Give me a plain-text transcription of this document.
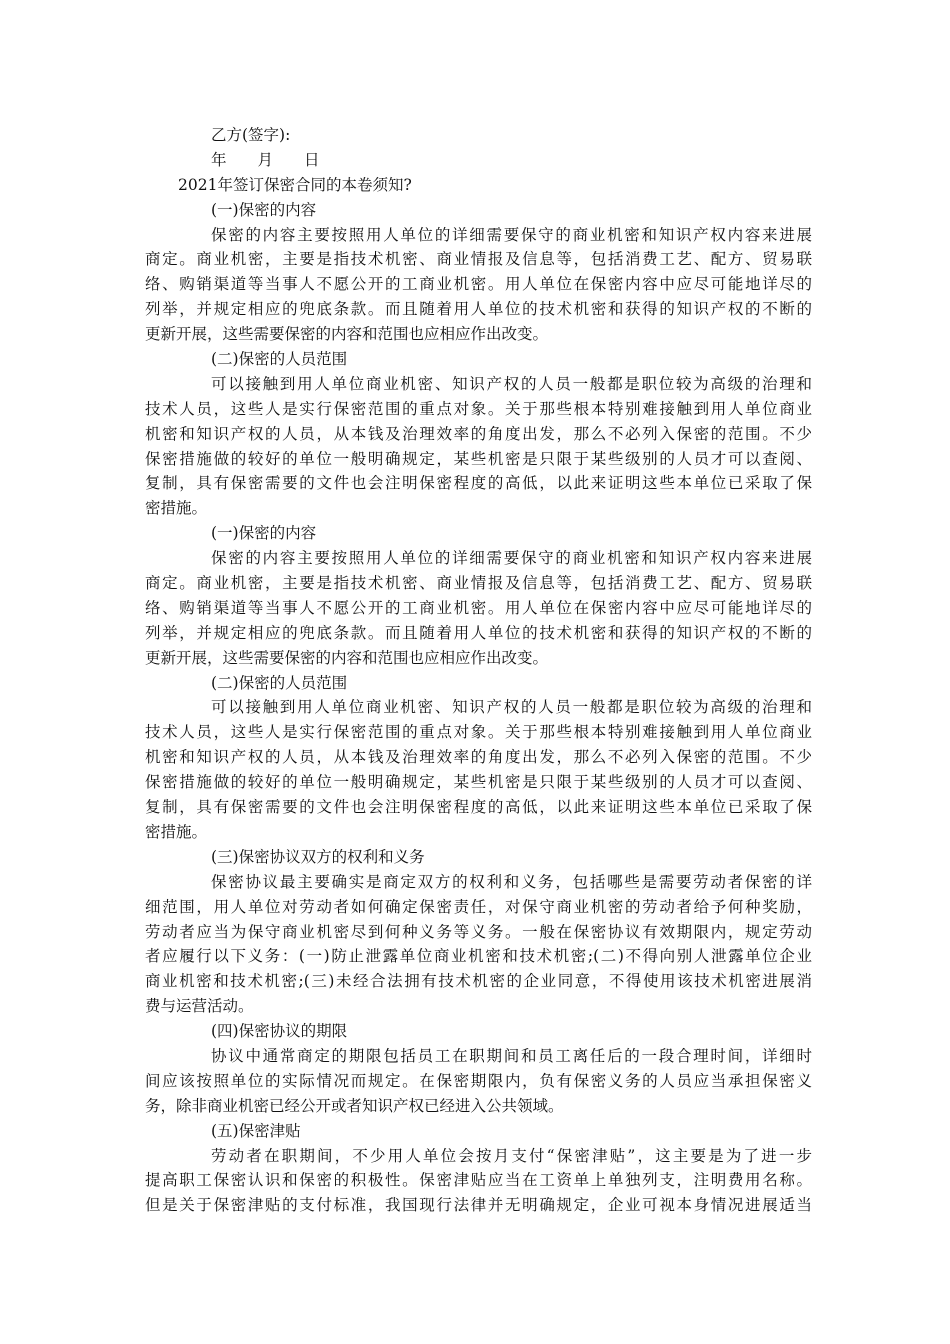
乙方(签字):
年　　月　　日
2021年签订保密合同的本卷须知?
(一)保密的内容
保密的内容主要按照用人单位的详细需要保守的商业机密和知识产权内容来进展
商定。商业机密，主要是指技术机密、商业情报及信息等，包括消费工艺、配方、贸易联
络、购销渠道等当事人不愿公开的工商业机密。用人单位在保密内容中应尽可能地详尽的
列举，并规定相应的兜底条款。而且随着用人单位的技术机密和获得的知识产权的不断的
更新开展，这些需要保密的内容和范围也应相应作出改变。
(二)保密的人员范围
可以接触到用人单位商业机密、知识产权的人员一般都是职位较为高级的治理和
技术人员，这些人是实行保密范围的重点对象。关于那些根本特别难接触到用人单位商业
机密和知识产权的人员，从本钱及治理效率的角度出发，那么不必列入保密的范围。不少
保密措施做的较好的单位一般明确规定，某些机密是只限于某些级别的人员才可以查阅、
复制，具有保密需要的文件也会注明保密程度的高低，以此来证明这些本单位已采取了保
密措施。
(一)保密的内容
保密的内容主要按照用人单位的详细需要保守的商业机密和知识产权内容来进展
商定。商业机密，主要是指技术机密、商业情报及信息等，包括消费工艺、配方、贸易联
络、购销渠道等当事人不愿公开的工商业机密。用人单位在保密内容中应尽可能地详尽的
列举，并规定相应的兜底条款。而且随着用人单位的技术机密和获得的知识产权的不断的
更新开展，这些需要保密的内容和范围也应相应作出改变。
(二)保密的人员范围
可以接触到用人单位商业机密、知识产权的人员一般都是职位较为高级的治理和
技术人员，这些人是实行保密范围的重点对象。关于那些根本特别难接触到用人单位商业
机密和知识产权的人员，从本钱及治理效率的角度出发，那么不必列入保密的范围。不少
保密措施做的较好的单位一般明确规定，某些机密是只限于某些级别的人员才可以查阅、
复制，具有保密需要的文件也会注明保密程度的高低，以此来证明这些本单位已采取了保
密措施。
(三)保密协议双方的权利和义务
保密协议最主要确实是商定双方的权利和义务，包括哪些是需要劳动者保密的详
细范围，用人单位对劳动者如何确定保密责任，对保守商业机密的劳动者给予何种奖励，
劳动者应当为保守商业机密尽到何种义务等义务。一般在保密协议有效期限内，规定劳动
者应履行以下义务：(一)防止泄露单位商业机密和技术机密;(二)不得向别人泄露单位企业
商业机密和技术机密;(三)未经合法拥有技术机密的企业同意，不得使用该技术机密进展消
费与运营活动。
(四)保密协议的期限
协议中通常商定的期限包括员工在职期间和员工离任后的一段合理时间，详细时
间应该按照单位的实际情况而规定。在保密期限内，负有保密义务的人员应当承担保密义
务，除非商业机密已经公开或者知识产权已经进入公共领域。
(五)保密津贴
劳动者在职期间，不少用人单位会按月支付“保密津贴”，这主要是为了进一步
提高职工保密认识和保密的积极性。保密津贴应当在工资单上单独列支，注明费用名称。
但是关于保密津贴的支付标准，我国现行法律并无明确规定，企业可视本身情况进展适当
